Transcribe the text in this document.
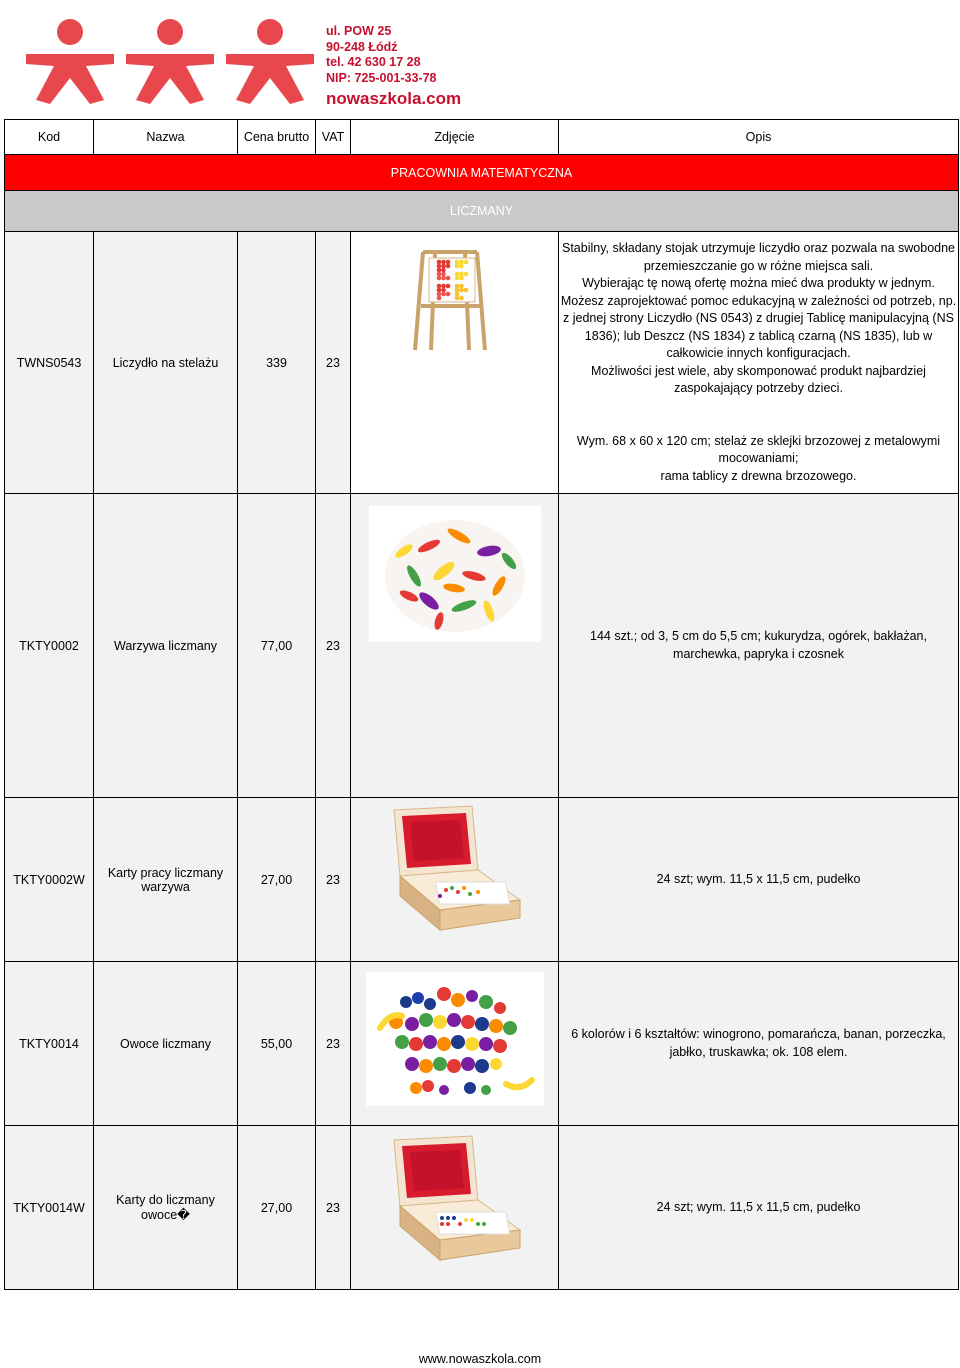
ul. POW 25
90-248 Łódź
tel. 42 630 17 28
NIP: 725-001-33-78
nowaszkola.com
Kod	Nazwa	Cena brutto	VAT	Zdjęcie	Opis
PRACOWNIA MATEMATYCZNA					
LICZMANY					
TWNS0543	Liczydło na stelażu	339	23		Stabilny, składany stojak utrzymuje liczydło oraz pozwala na swobodne przemieszczanie go w różne miejsca sali.

Wybierając tę nową ofertę można mieć dwa produkty w jednym. Możesz zaprojektować pomoc edukacyjną w zależności od potrzeb, np. z jednej strony Liczydło (NS 0543) z drugiej Tablicę manipulacyjną (NS 1836); lub Deszcz (NS 1834) z tablicą czarną (NS 1835), lub w całkowicie innych konfiguracjach.

Możliwości jest wiele, aby skomponować produkt najbardziej zaspokajający potrzeby dzieci.

Wym. 68 x 60 x 120 cm; stelaż ze sklejki brzozowej z metalowymi mocowaniami;

rama tablicy z drewna brzozowego.

TKTY0002	Warzywa liczmany	77,00	23		144 szt.; od 3, 5 cm do 5,5 cm; kukurydza, ogórek, bakłażan, marchewka, papryka i czosnek

TKTY0002W	Karty pracy liczmany warzywa	27,00	23		24 szt; wym. 11,5 x 11,5 cm, pudełko

TKTY0014	Owoce liczmany	55,00	23		6 kolorów i 6 kształtów: winogrono, pomarańcza, banan, porzeczka, jabłko, truskawka; ok. 108 elem.

TKTY0014W	Karty do liczmany owoce�	27,00	23		24 szt; wym. 11,5 x 11,5 cm, pudełko

www.nowaszkola.com
